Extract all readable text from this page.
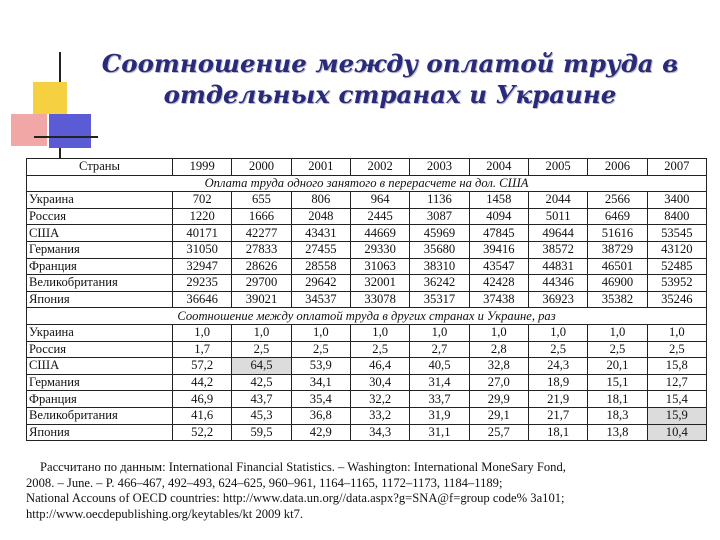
Соотношение между оплатой труда в
отдельных странах и Украине
Страны	1999	2000	2001	2002	2003	2004	2005	2006	2007
Оплата труда одного занятого в перерасчете на дол. США									
Украина	702	655	806	964	1136	1458	2044	2566	3400
Россия	1220	1666	2048	2445	3087	4094	5011	6469	8400
США	40171	42277	43431	44669	45969	47845	49644	51616	53545
Германия	31050	27833	27455	29330	35680	39416	38572	38729	43120
Франция	32947	28626	28558	31063	38310	43547	44831	46501	52485
Великобритания	29235	29700	29642	32001	36242	42428	44346	46900	53952
Япония	36646	39021	34537	33078	35317	37438	36923	35382	35246
Соотношение между оплатой труда в других странах и Украине, раз									
Украина	1,0	1,0	1,0	1,0	1,0	1,0	1,0	1,0	1,0
Россия	1,7	2,5	2,5	2,5	2,7	2,8	2,5	2,5	2,5
США	57,2	64,5	53,9	46,4	40,5	32,8	24,3	20,1	15,8
Германия	44,2	42,5	34,1	30,4	31,4	27,0	18,9	15,1	12,7
Франция	46,9	43,7	35,4	32,2	33,7	29,9	21,9	18,1	15,4
Великобритания	41,6	45,3	36,8	33,2	31,9	29,1	21,7	18,3	15,9
Япония	52,2	59,5	42,9	34,3	31,1	25,7	18,1	13,8	10,4
Рассчитано по данным: International Financial Statistics. – Washington: International MoneSary Fond,
2008. – June. – P. 466–467, 492–493, 624–625, 960–961, 1164–1165, 1172–1173, 1184–1189;
National Accouns of OECD countries: http://www.data.un.org//data.aspx?g=SNA@f=group code% 3a101;
http://www.oecdepublishing.org/keytables/kt 2009 kt7.
